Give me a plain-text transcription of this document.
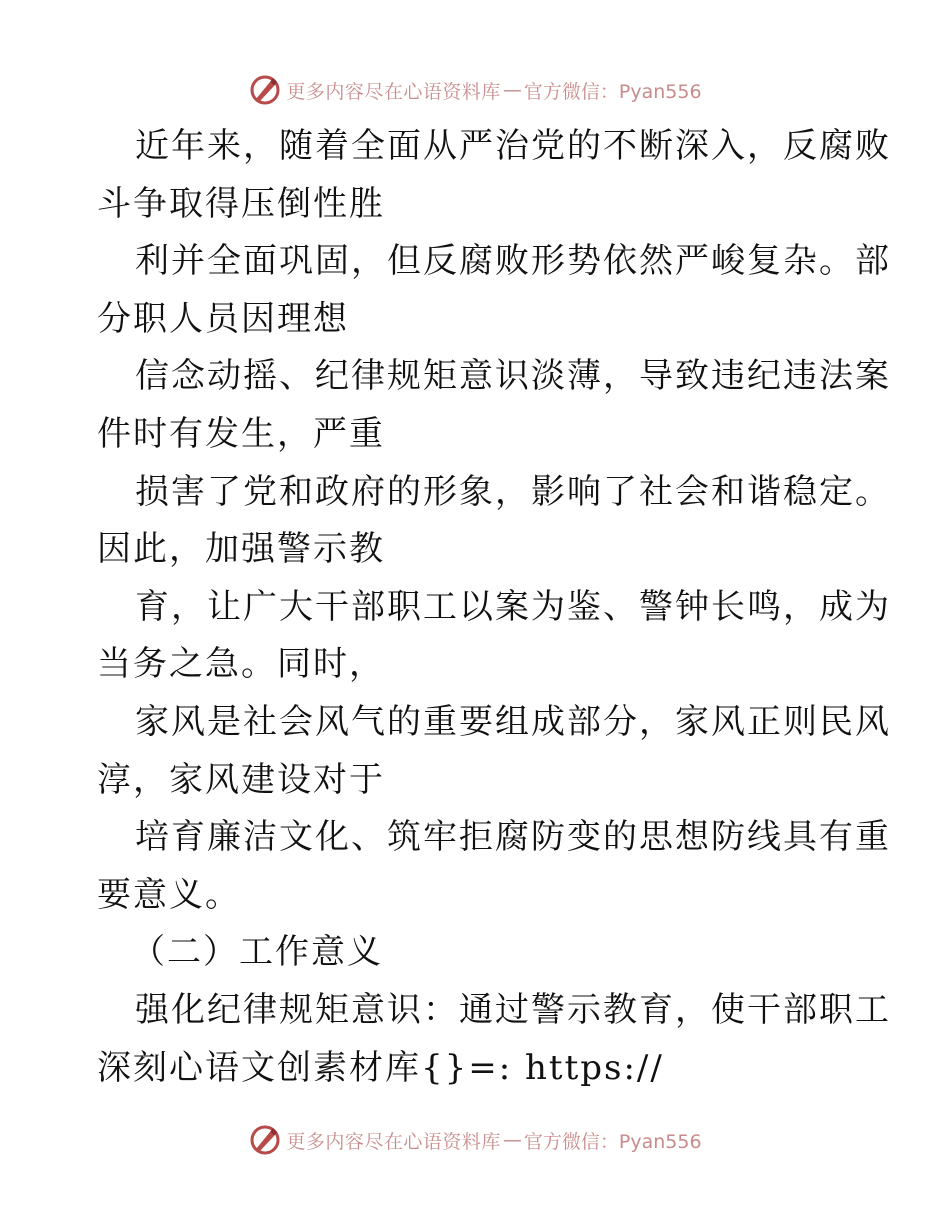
更多内容尽在心语资料库 — 官方微信：Pyan556
近年来，随着全面从严治党的不断深入，反腐败
斗争取得压倒性胜
利并全面巩固，但反腐败形势依然严峻复杂。部
分职人员因理想
信念动摇、纪律规矩意识淡薄，导致违纪违法案
件时有发生，严重
损害了党和政府的形象，影响了社会和谐稳定。
因此，加强警示教
育，让广大干部职工以案为鉴、警钟长鸣，成为
当务之急。同时，
家风是社会风气的重要组成部分，家风正则民风
淳，家风建设对于
培育廉洁文化、筑牢拒腐防变的思想防线具有重
要意义。
（二）工作意义
强化纪律规矩意识：通过警示教育，使干部职工
深刻心语文创素材库{}=: https://
更多内容尽在心语资料库 — 官方微信：Pyan556
